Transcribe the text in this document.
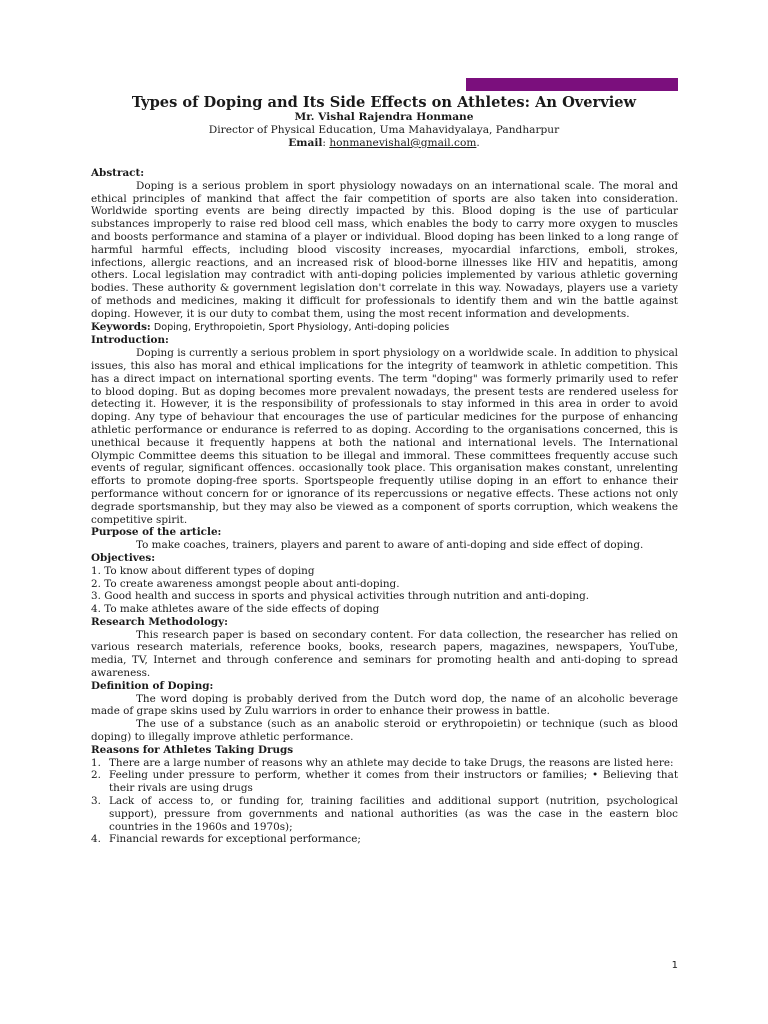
Types of Doping and Its Side Effects on Athletes: An Overview
Mr. Vishal Rajendra Honmane
Director of Physical Education, Uma Mahavidyalaya, Pandharpur
Email: honmanevishal@gmail.com.

Abstract:

Doping is a serious problem in sport physiology nowadays on an international scale. The moral and ethical principles of mankind that affect the fair competition of sports are also taken into consideration. Worldwide sporting events are being directly impacted by this. Blood doping is the use of particular substances improperly to raise red blood cell mass, which enables the body to carry more oxygen to muscles and boosts performance and stamina of a player or individual. Blood doping has been linked to a long range of harmful harmful effects, including blood viscosity increases, myocardial infarctions, emboli, strokes, infections, allergic reactions, and an increased risk of blood-borne illnesses like HIV and hepatitis, among others. Local legislation may contradict with anti-doping policies implemented by various athletic governing bodies. These authority & government legislation don't correlate in this way. Nowadays, players use a variety of methods and medicines, making it difficult for professionals to identify them and win the battle against doping. However, it is our duty to combat them, using the most recent information and developments.

Keywords: Doping, Erythropoietin, Sport Physiology, Anti-doping policies

Introduction:

Doping is currently a serious problem in sport physiology on a worldwide scale. In addition to physical issues, this also has moral and ethical implications for the integrity of teamwork in athletic competition. This has a direct impact on international sporting events. The term "doping" was formerly primarily used to refer to blood doping. But as doping becomes more prevalent nowadays, the present tests are rendered useless for detecting it. However, it is the responsibility of professionals to stay informed in this area in order to avoid doping. Any type of behaviour that encourages the use of particular medicines for the purpose of enhancing athletic performance or endurance is referred to as doping. According to the organisations concerned, this is unethical because it frequently happens at both the national and international levels. The International Olympic Committee deems this situation to be illegal and immoral. These committees frequently accuse such events of regular, significant offences. occasionally took place. This organisation makes constant, unrelenting efforts to promote doping-free sports. Sportspeople frequently utilise doping in an effort to enhance their performance without concern for or ignorance of its repercussions or negative effects. These actions not only degrade sportsmanship, but they may also be viewed as a component of sports corruption, which weakens the competitive spirit.

Purpose of the article:

To make coaches, trainers, players and parent to aware of anti-doping and side effect of doping.

Objectives:

1. To know about different types of doping
2. To create awareness amongst people about anti-doping.
3. Good health and success in sports and physical activities through nutrition and anti-doping.
4. To make athletes aware of the side effects of doping

Research Methodology:

This research paper is based on secondary content. For data collection, the researcher has relied on various research materials, reference books, books, research papers, magazines, newspapers, YouTube, media, TV, Internet and through conference and seminars for promoting health and anti-doping to spread awareness.

Definition of Doping:

The word doping is probably derived from the Dutch word dop, the name of an alcoholic beverage made of grape skins used by Zulu warriors in order to enhance their prowess in battle.

The use of a substance (such as an anabolic steroid or erythropoietin) or technique (such as blood doping) to illegally improve athletic performance.

Reasons for Athletes Taking Drugs

1. There are a large number of reasons why an athlete may decide to take Drugs, the reasons are listed here:
2. Feeling under pressure to perform, whether it comes from their instructors or families; • Believing that their rivals are using drugs
3. Lack of access to, or funding for, training facilities and additional support (nutrition, psychological support), pressure from governments and national authorities (as was the case in the eastern bloc countries in the 1960s and 1970s);
4. Financial rewards for exceptional performance;
1
